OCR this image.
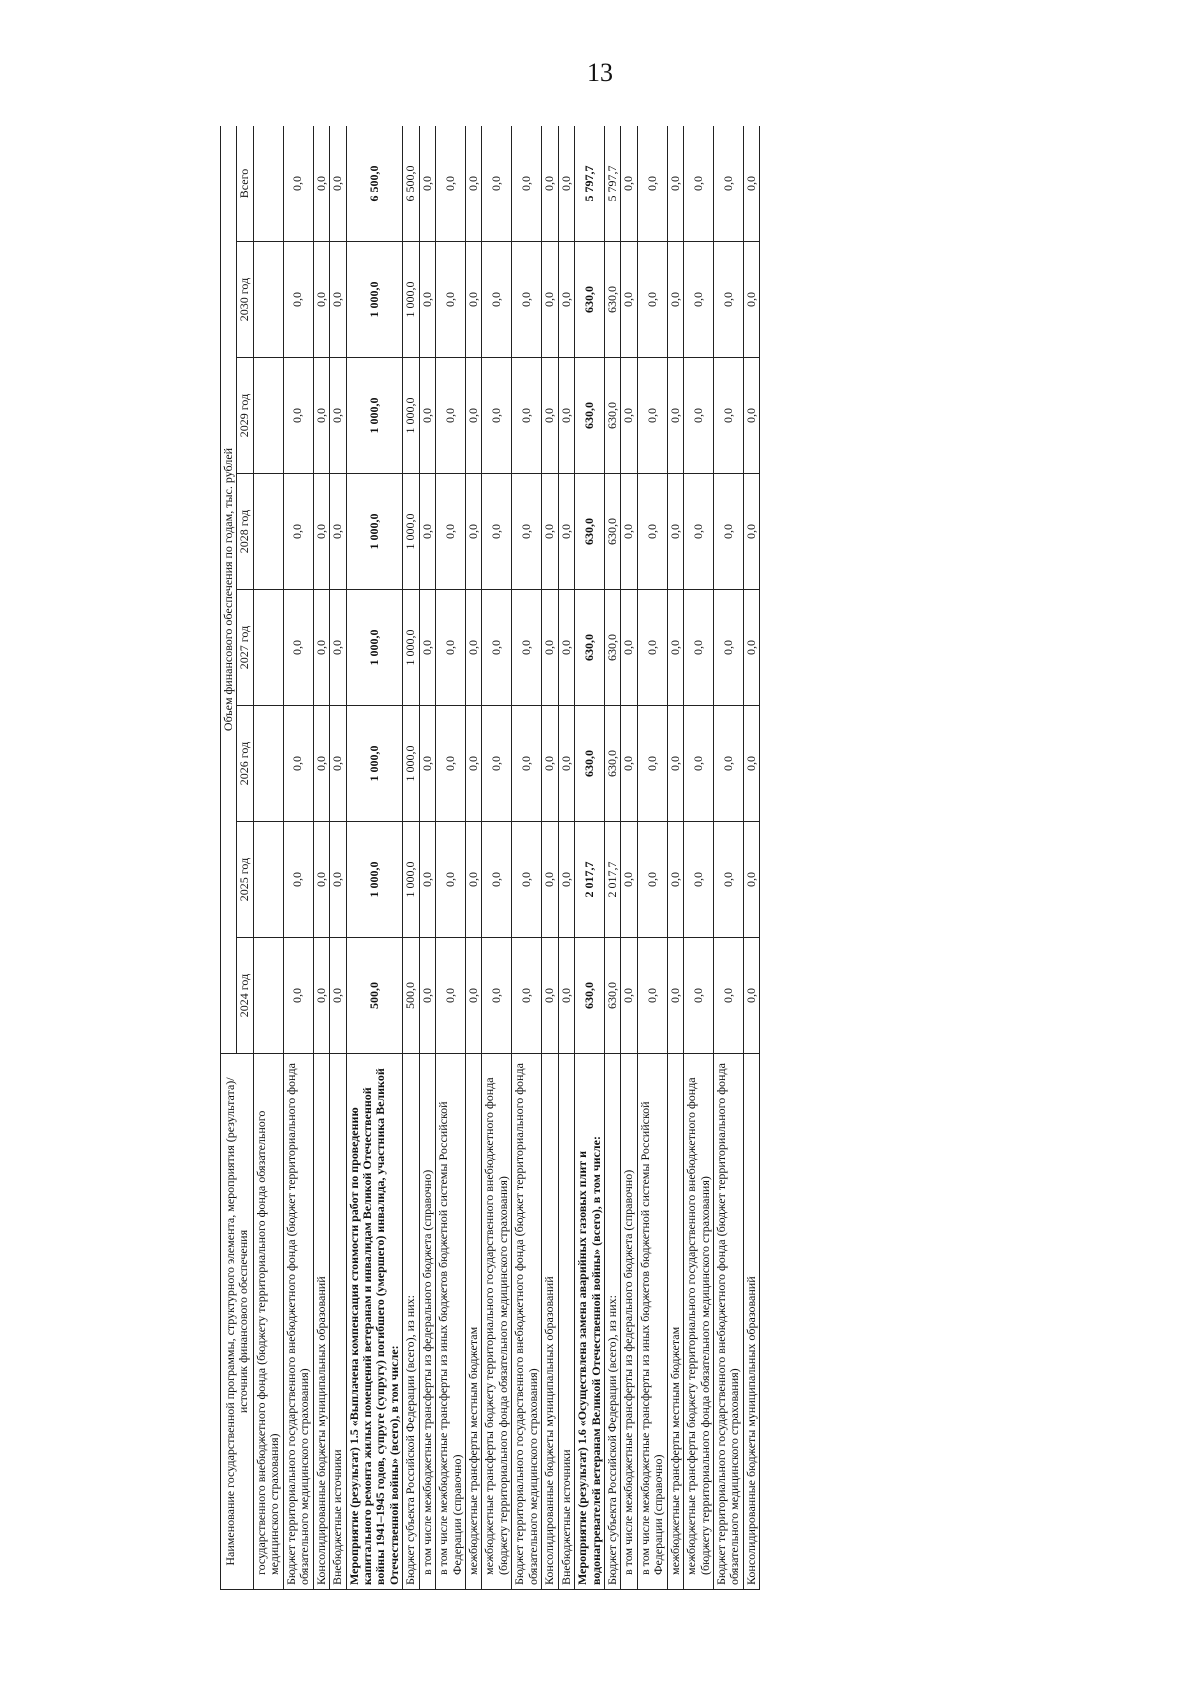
13
Наименование государственной программы, структурного элемента, мероприятия (результата)/источник финансового обеспечения	Объем финансового обеспечения по годам, тыс. рублей							
	2024 год	2025 год	2026 год	2027 год	2028 год	2029 год	2030 год	Всего
государственного внебюджетного фонда (бюджету территориального фонда обязательного медицинского страхования)								
Бюджет территориального государственного внебюджетного фонда (бюджет территориального фонда обязательного медицинского страхования)	0,0	0,0	0,0	0,0	0,0	0,0	0,0	0,0
Консолидированные бюджеты муниципальных образований	0,0	0,0	0,0	0,0	0,0	0,0	0,0	0,0
Внебюджетные источники	0,0	0,0	0,0	0,0	0,0	0,0	0,0	0,0
Мероприятие (результат) 1.5 «Выплачена компенсация стоимости работ по проведению капитального ремонта жилых помещений ветеранам и инвалидам Великой Отечественной войны 1941–1945 годов, супруге (супругу) погибшего (умершего) инвалида, участника Великой Отечественной войны» (всего), в том числе:	500,0	1 000,0	1 000,0	1 000,0	1 000,0	1 000,0	1 000,0	6 500,0
Бюджет субъекта Российской Федерации (всего), из них:	500,0	1 000,0	1 000,0	1 000,0	1 000,0	1 000,0	1 000,0	6 500,0
в том числе межбюджетные трансферты из федерального бюджета (справочно)	0,0	0,0	0,0	0,0	0,0	0,0	0,0	0,0
в том числе межбюджетные трансферты из иных бюджетов бюджетной системы Российской Федерации (справочно)	0,0	0,0	0,0	0,0	0,0	0,0	0,0	0,0
межбюджетные трансферты местным бюджетам	0,0	0,0	0,0	0,0	0,0	0,0	0,0	0,0
межбюджетные трансферты бюджету территориального государственного внебюджетного фонда (бюджету территориального фонда обязательного медицинского страхования)	0,0	0,0	0,0	0,0	0,0	0,0	0,0	0,0
Бюджет территориального государственного внебюджетного фонда (бюджет территориального фонда обязательного медицинского страхования)	0,0	0,0	0,0	0,0	0,0	0,0	0,0	0,0
Консолидированные бюджеты муниципальных образований	0,0	0,0	0,0	0,0	0,0	0,0	0,0	0,0
Внебюджетные источники	0,0	0,0	0,0	0,0	0,0	0,0	0,0	0,0
Мероприятие (результат) 1.6 «Осуществлена замена аварийных газовых плит и водонагревателей ветеранам Великой Отечественной войны» (всего), в том числе:	630,0	2 017,7	630,0	630,0	630,0	630,0	630,0	5 797,7
Бюджет субъекта Российской Федерации (всего), из них:	630,0	2 017,7	630,0	630,0	630,0	630,0	630,0	5 797,7
в том числе межбюджетные трансферты из федерального бюджета (справочно)	0,0	0,0	0,0	0,0	0,0	0,0	0,0	0,0
в том числе межбюджетные трансферты из иных бюджетов бюджетной системы Российской Федерации (справочно)	0,0	0,0	0,0	0,0	0,0	0,0	0,0	0,0
межбюджетные трансферты местным бюджетам	0,0	0,0	0,0	0,0	0,0	0,0	0,0	0,0
межбюджетные трансферты бюджету территориального государственного внебюджетного фонда (бюджету территориального фонда обязательного медицинского страхования)	0,0	0,0	0,0	0,0	0,0	0,0	0,0	0,0
Бюджет территориального государственного внебюджетного фонда (бюджет территориального фонда обязательного медицинского страхования)	0,0	0,0	0,0	0,0	0,0	0,0	0,0	0,0
Консолидированные бюджеты муниципальных образований	0,0	0,0	0,0	0,0	0,0	0,0	0,0	0,0
